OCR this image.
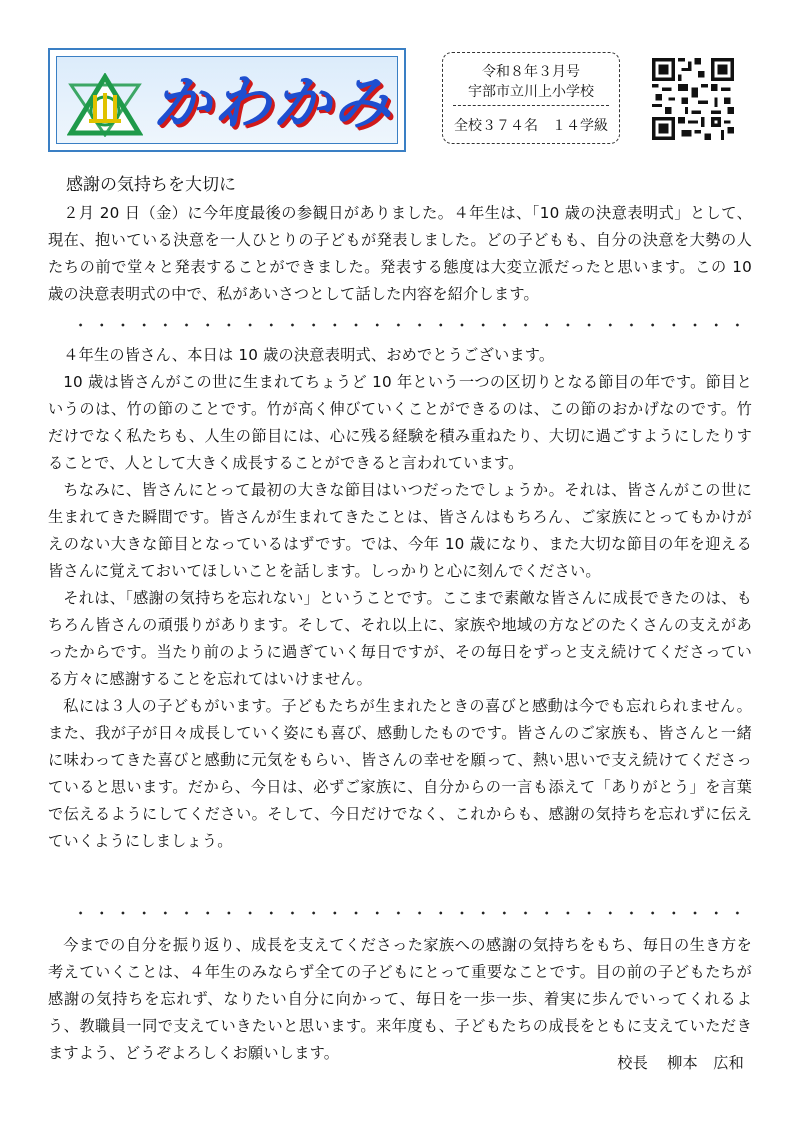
かわかみ	令和８年３月号
宇部市立川上小学校
全校３７４名　１４学級
感謝の気持ちを大切に

２月 20 日（金）に今年度最後の参観日がありました。４年生は、「10 歳の決意表明式」として、現在、抱いている決意を一人ひとりの子どもが発表しました。どの子どもも、自分の決意を大勢の人たちの前で堂々と発表することができました。発表する態度は大変立派だったと思います。この 10 歳の決意表明式の中で、私があいさつとして話した内容を紹介します。

４年生の皆さん、本日は 10 歳の決意表明式、おめでとうございます。

10 歳は皆さんがこの世に生まれてちょうど 10 年という一つの区切りとなる節目の年です。節目というのは、竹の節のことです。竹が高く伸びていくことができるのは、この節のおかげなのです。竹だけでなく私たちも、人生の節目には、心に残る経験を積み重ねたり、大切に過ごすようにしたりすることで、人として大きく成長することができると言われています。

ちなみに、皆さんにとって最初の大きな節目はいつだったでしょうか。それは、皆さんがこの世に生まれてきた瞬間です。皆さんが生まれてきたことは、皆さんはもちろん、ご家族にとってもかけがえのない大きな節目となっているはずです。では、今年 10 歳になり、また大切な節目の年を迎える皆さんに覚えておいてほしいことを話します。しっかりと心に刻んでください。

それは、「感謝の気持ちを忘れない」ということです。ここまで素敵な皆さんに成長できたのは、もちろん皆さんの頑張りがあります。そして、それ以上に、家族や地域の方などのたくさんの支えがあったからです。当たり前のように過ぎていく毎日ですが、その毎日をずっと支え続けてくださっている方々に感謝することを忘れてはいけません。

私には３人の子どもがいます。子どもたちが生まれたときの喜びと感動は今でも忘れられません。また、我が子が日々成長していく姿にも喜び、感動したものです。皆さんのご家族も、皆さんと一緒に味わってきた喜びと感動に元気をもらい、皆さんの幸せを願って、熱い思いで支え続けてくださっていると思います。だから、今日は、必ずご家族に、自分からの一言も添えて「ありがとう」を言葉で伝えるようにしてください。そして、今日だけでなく、これからも、感謝の気持ちを忘れずに伝えていくようにしましょう。

今までの自分を振り返り、成長を支えてくださった家族への感謝の気持ちをもち、毎日の生き方を考えていくことは、４年生のみならず全ての子どもにとって重要なことです。目の前の子どもたちが感謝の気持ちを忘れず、なりたい自分に向かって、毎日を一歩一歩、着実に歩んでいってくれるよう、教職員一同で支えていきたいと思います。来年度も、子どもたちの成長をともに支えていただきますよう、どうぞよろしくお願いします。

校長 柳本　広和
